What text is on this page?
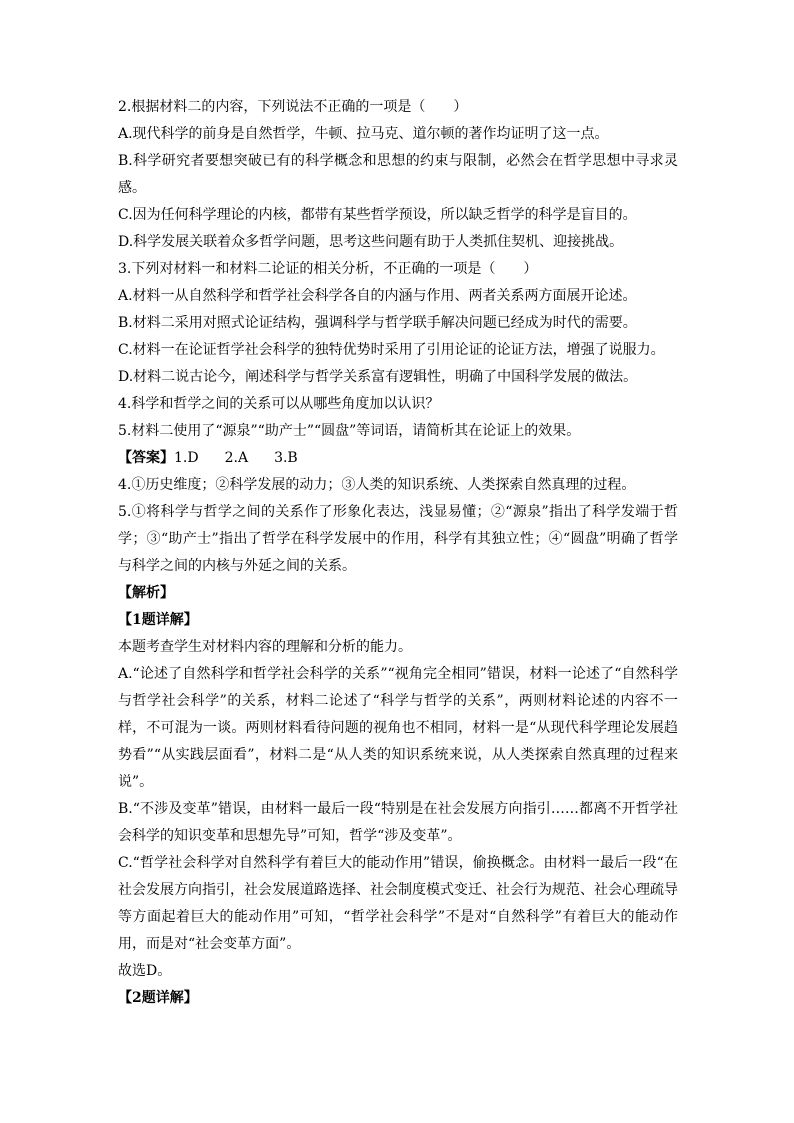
2.根据材料二的内容，下列说法不正确的一项是（　　）

A.现代科学的前身是自然哲学，牛顿、拉马克、道尔顿的著作均证明了这一点。

B.科学研究者要想突破已有的科学概念和思想的约束与限制，必然会在哲学思想中寻求灵感。

C.因为任何科学理论的内核，都带有某些哲学预设，所以缺乏哲学的科学是盲目的。

D.科学发展关联着众多哲学问题，思考这些问题有助于人类抓住契机、迎接挑战。

3.下列对材料一和材料二论证的相关分析，不正确的一项是（　　）

A.材料一从自然科学和哲学社会科学各自的内涵与作用、两者关系两方面展开论述。

B.材料二采用对照式论证结构，强调科学与哲学联手解决问题已经成为时代的需要。

C.材料一在论证哲学社会科学的独特优势时采用了引用论证的论证方法，增强了说服力。

D.材料二说古论今，阐述科学与哲学关系富有逻辑性，明确了中国科学发展的做法。

4.科学和哲学之间的关系可以从哪些角度加以认识？

5.材料二使用了“源泉”“助产士”“圆盘”等词语，请简析其在论证上的效果。

【答案】1.D 2.A 3.B

4.①历史维度；②科学发展的动力；③人类的知识系统、人类探索自然真理的过程。

5.①将科学与哲学之间的关系作了形象化表达，浅显易懂；②“源泉”指出了科学发端于哲学；③“助产士”指出了哲学在科学发展中的作用，科学有其独立性；④“圆盘”明确了哲学与科学之间的内核与外延之间的关系。

【解析】

【1题详解】

本题考查学生对材料内容的理解和分析的能力。

A.“论述了自然科学和哲学社会科学的关系”“视角完全相同”错误，材料一论述了“自然科学与哲学社会科学”的关系，材料二论述了“科学与哲学的关系”，两则材料论述的内容不一样，不可混为一谈。两则材料看待问题的视角也不相同，材料一是“从现代科学理论发展趋势看”“从实践层面看”，材料二是“从人类的知识系统来说，从人类探索自然真理的过程来说”。

B.“不涉及变革”错误，由材料一最后一段“特别是在社会发展方向指引……都离不开哲学社会科学的知识变革和思想先导”可知，哲学“涉及变革”。

C.“哲学社会科学对自然科学有着巨大的能动作用”错误，偷换概念。由材料一最后一段“在社会发展方向指引，社会发展道路选择、社会制度模式变迁、社会行为规范、社会心理疏导等方面起着巨大的能动作用”可知，“哲学社会科学”不是对“自然科学”有着巨大的能动作用，而是对“社会变革方面”。

故选D。

【2题详解】
